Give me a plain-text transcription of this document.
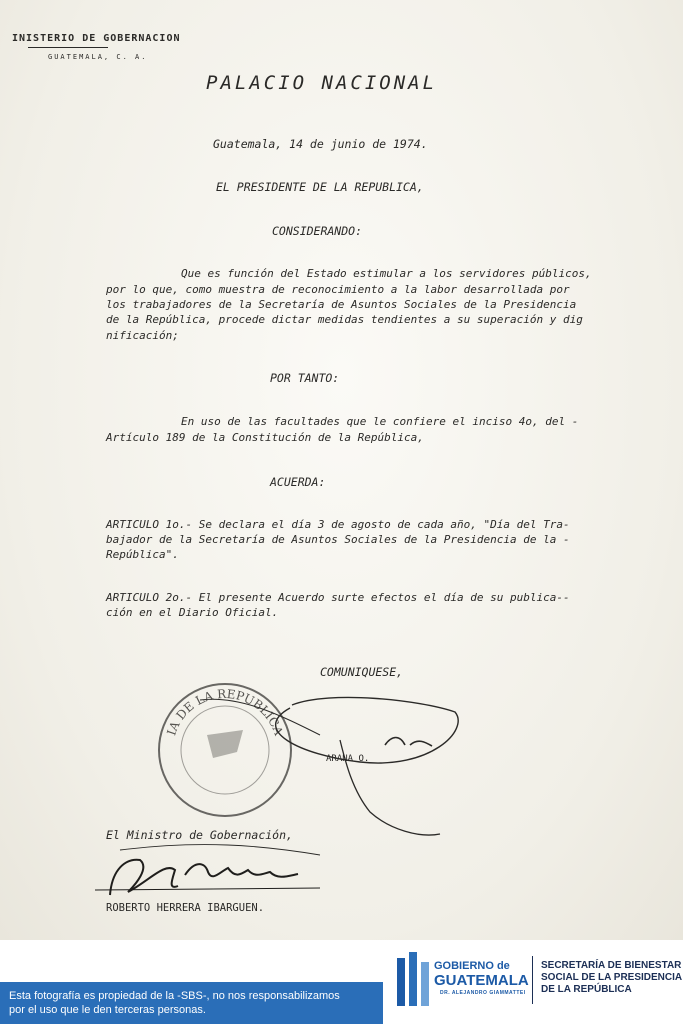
INISTERIO DE GOBERNACION
GUATEMALA, C. A.
PALACIO NACIONAL
Guatemala, 14 de junio de 1974.
EL PRESIDENTE DE LA REPUBLICA,
CONSIDERANDO:
Que es función del Estado estimular a los servidores públicos,
por lo que, como muestra de reconocimiento a la labor desarrollada por
los trabajadores de la Secretaría de Asuntos Sociales de la Presidencia
de la República, procede dictar medidas tendientes a su superación y dig
nificación;
POR TANTO:
En uso de las facultades que le confiere el inciso 4o, del -
Artículo 189 de la Constitución de la República,
ACUERDA:
ARTICULO 1o.- Se declara el día 3 de agosto de cada año, "Día del Tra-
bajador de la Secretaría de Asuntos Sociales de la Presidencia de la -
República".
ARTICULO 2o.- El presente Acuerdo surte efectos el día de su publica--
ción en el Diario Oficial.
COMUNIQUESE,
IA DE LA REPUBLICA
ARANA O.
El Ministro de Gobernación,
ROBERTO HERRERA IBARGUEN.
Esta fotografía es propiedad de la -SBS-, no nos responsabilizamos
por el uso que le den terceras personas.
GOBIERNO de
GUATEMALA
DR. ALEJANDRO GIAMMATTEI
SECRETARÍA DE BIENESTAR
SOCIAL DE LA PRESIDENCIA
DE LA REPÚBLICA
